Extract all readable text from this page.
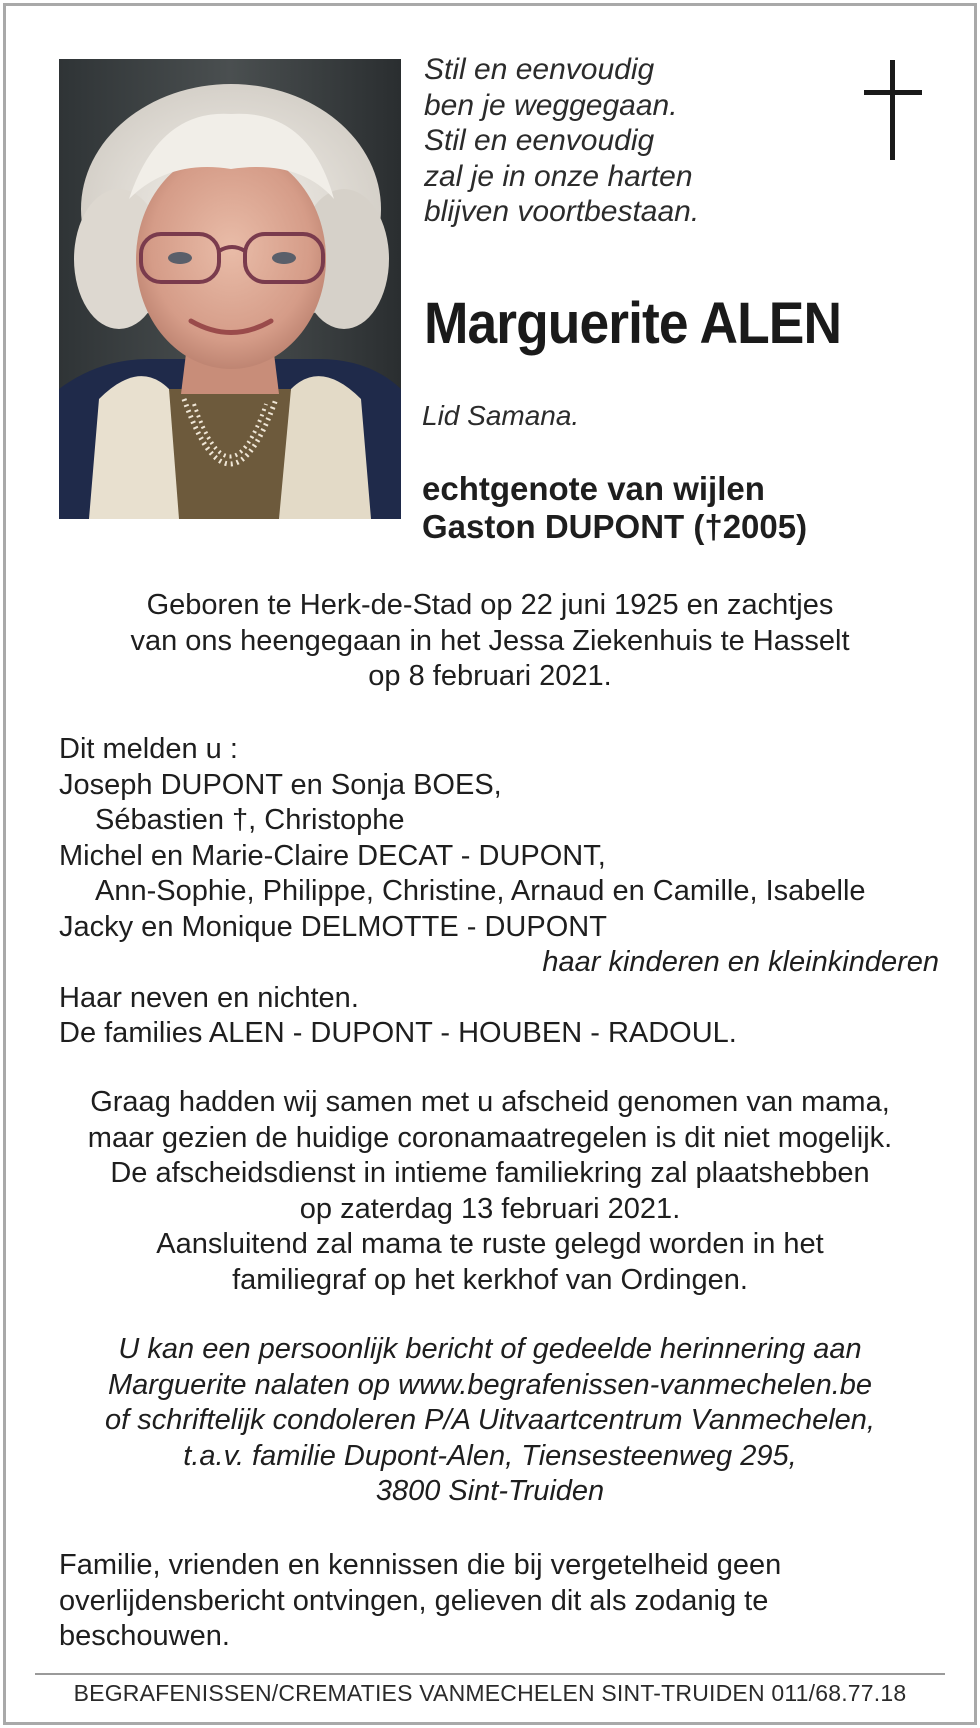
Stil en eenvoudig
ben je weggegaan.
Stil en eenvoudig
zal je in onze harten
blijven voortbestaan.
Marguerite ALEN
Lid Samana.
echtgenote van wijlen
Gaston DUPONT (†2005)
Geboren te Herk-de-Stad op 22 juni 1925 en zachtjes
van ons heengegaan in het Jessa Ziekenhuis te Hasselt
op 8 februari 2021.
Dit melden u :
Joseph DUPONT en Sonja BOES,
Sébastien †, Christophe
Michel en Marie-Claire DECAT - DUPONT,
Ann-Sophie, Philippe, Christine, Arnaud en Camille, Isabelle
Jacky en Monique DELMOTTE - DUPONT
haar kinderen en kleinkinderen
Haar neven en nichten.
De families ALEN - DUPONT - HOUBEN - RADOUL.
Graag hadden wij samen met u afscheid genomen van mama,
maar gezien de huidige coronamaatregelen is dit niet mogelijk.
De afscheidsdienst in intieme familiekring zal plaatshebben
op zaterdag 13 februari 2021.
Aansluitend zal mama te ruste gelegd worden in het
familiegraf op het kerkhof van Ordingen.
U kan een persoonlijk bericht of gedeelde herinnering aan
Marguerite nalaten op www.begrafenissen-vanmechelen.be
of schriftelijk condoleren P/A Uitvaartcentrum Vanmechelen,
t.a.v. familie Dupont-Alen, Tiensesteenweg 295,
3800 Sint-Truiden
Familie, vrienden en kennissen die bij vergetelheid geen
overlijdensbericht ontvingen, gelieven dit als zodanig te
beschouwen.
BEGRAFENISSEN/CREMATIES VANMECHELEN SINT-TRUIDEN 011/68.77.18
